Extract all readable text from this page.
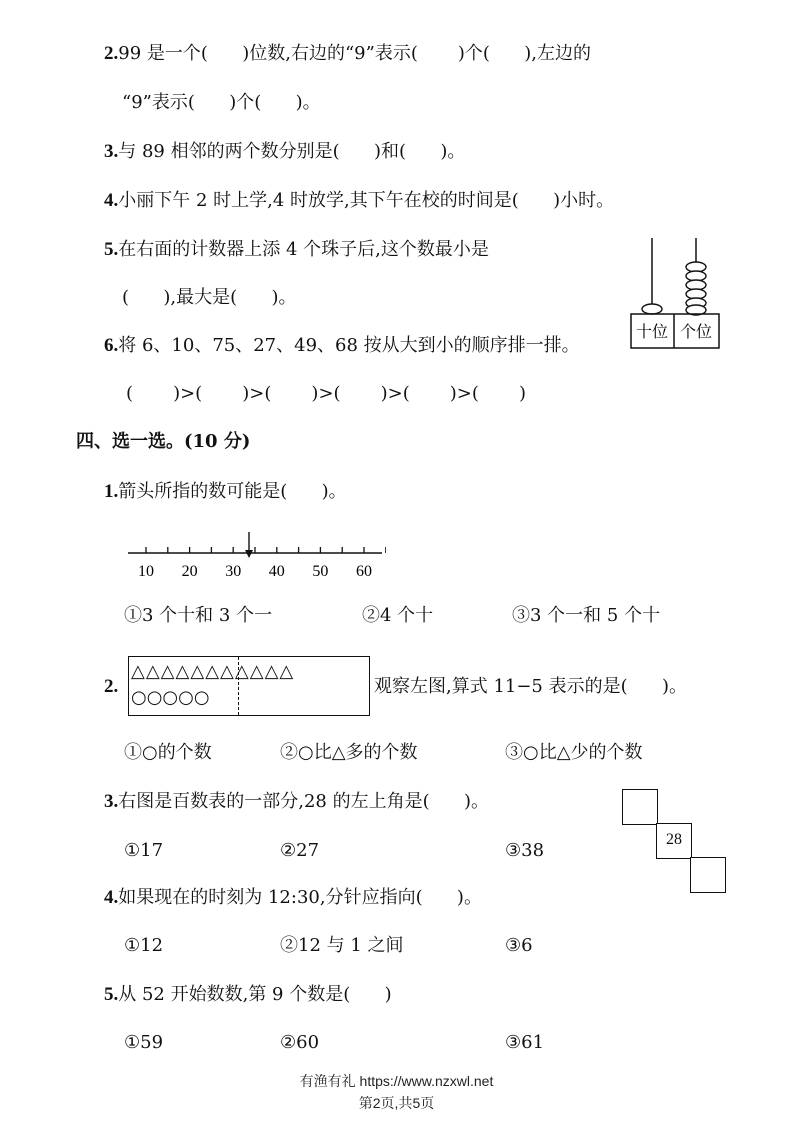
2.99 是一个(      )位数,右边的“9”表示(       )个(      ),左边的
“9”表示(      )个(      )。
3.与 89 相邻的两个数分别是(      )和(      )。
4.小丽下午 2 时上学,4 时放学,其下午在校的时间是(      )小时。
5.在右面的计数器上添 4 个珠子后,这个数最小是
(      ),最大是(      )。
十位 个位
6.将 6、10、75、27、49、68 按从大到小的顺序排一排。
(       )>(       )>(       )>(       )>(       )>(       )
四、选一选。(10 分)
1.箭头所指的数可能是(      )。
10 20 30 40 50 60
①3 个十和 3 个一	②4 个十	③3 个一和 5 个十
2.
△△△△△△△△△△△
○○○○○
观察左图,算式 11−5 表示的是(      )。
①○的个数	②○比△多的个数	③○比△少的个数
3.右图是百数表的一部分,28 的左上角是(      )。
①17	②27	③38
28
4.如果现在的时刻为 12:30,分针应指向(      )。
①12	②12 与 1 之间	③6
5.从 52 开始数数,第 9 个数是(      )
①59	②60	③61
有渔有礼 https://www.nzxwl.net
第2页,共5页
